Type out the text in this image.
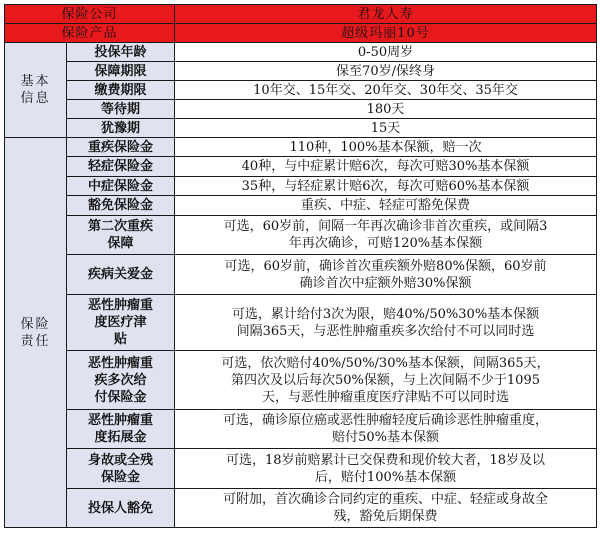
保险公司		君龙人寿
保险产品		超级玛丽10号
基本
信息	投保年龄	0-50周岁
	保障期限	保至70岁/保终身
	缴费期限	10年交、15年交、20年交、30年交、35年交
	等待期	180天
	犹豫期	15天
保险
责任	重疾保险金	110种，100%基本保额，赔一次
	轻症保险金	40种，与中症累计赔6次，每次可赔30%基本保额
	中症保险金	35种，与轻症累计赔6次，每次可赔60%基本保额
	豁免保险金	重疾、中症、轻症可豁免保费
	第二次重疾
保障	可选，60岁前，间隔一年再次确诊非首次重疾，或间隔3
年再次确诊，可赔120%基本保额
	疾病关爱金	可选，60岁前，确诊首次重疾额外赔80%保额，60岁前
确诊首次中症额外赔30%保额
	恶性肿瘤重
度医疗津
贴	可选，累计给付3次为限，赔40%/50%30%基本保额
间隔365天，与恶性肿瘤重疾多次给付不可以同时选
	恶性肿瘤重
疾多次给
付保险金	可选，依次赔付40%/50%/30%基本保额，间隔365天，
第四次及以后每次50%保额，与上次间隔不少于1095
天，与恶性肿瘤重度医疗津贴不可以同时选
	恶性肿瘤重
度拓展金	可选，确诊原位癌或恶性肿瘤轻度后确诊恶性肿瘤重度，
赔付50%基本保额
	身故或全残
保险金	可选，18岁前赔累计已交保费和现价较大者，18岁及以
后，赔付100%基本保额
	投保人豁免	可附加，首次确诊合同约定的重疾、中症、轻症或身故全
残，豁免后期保费
